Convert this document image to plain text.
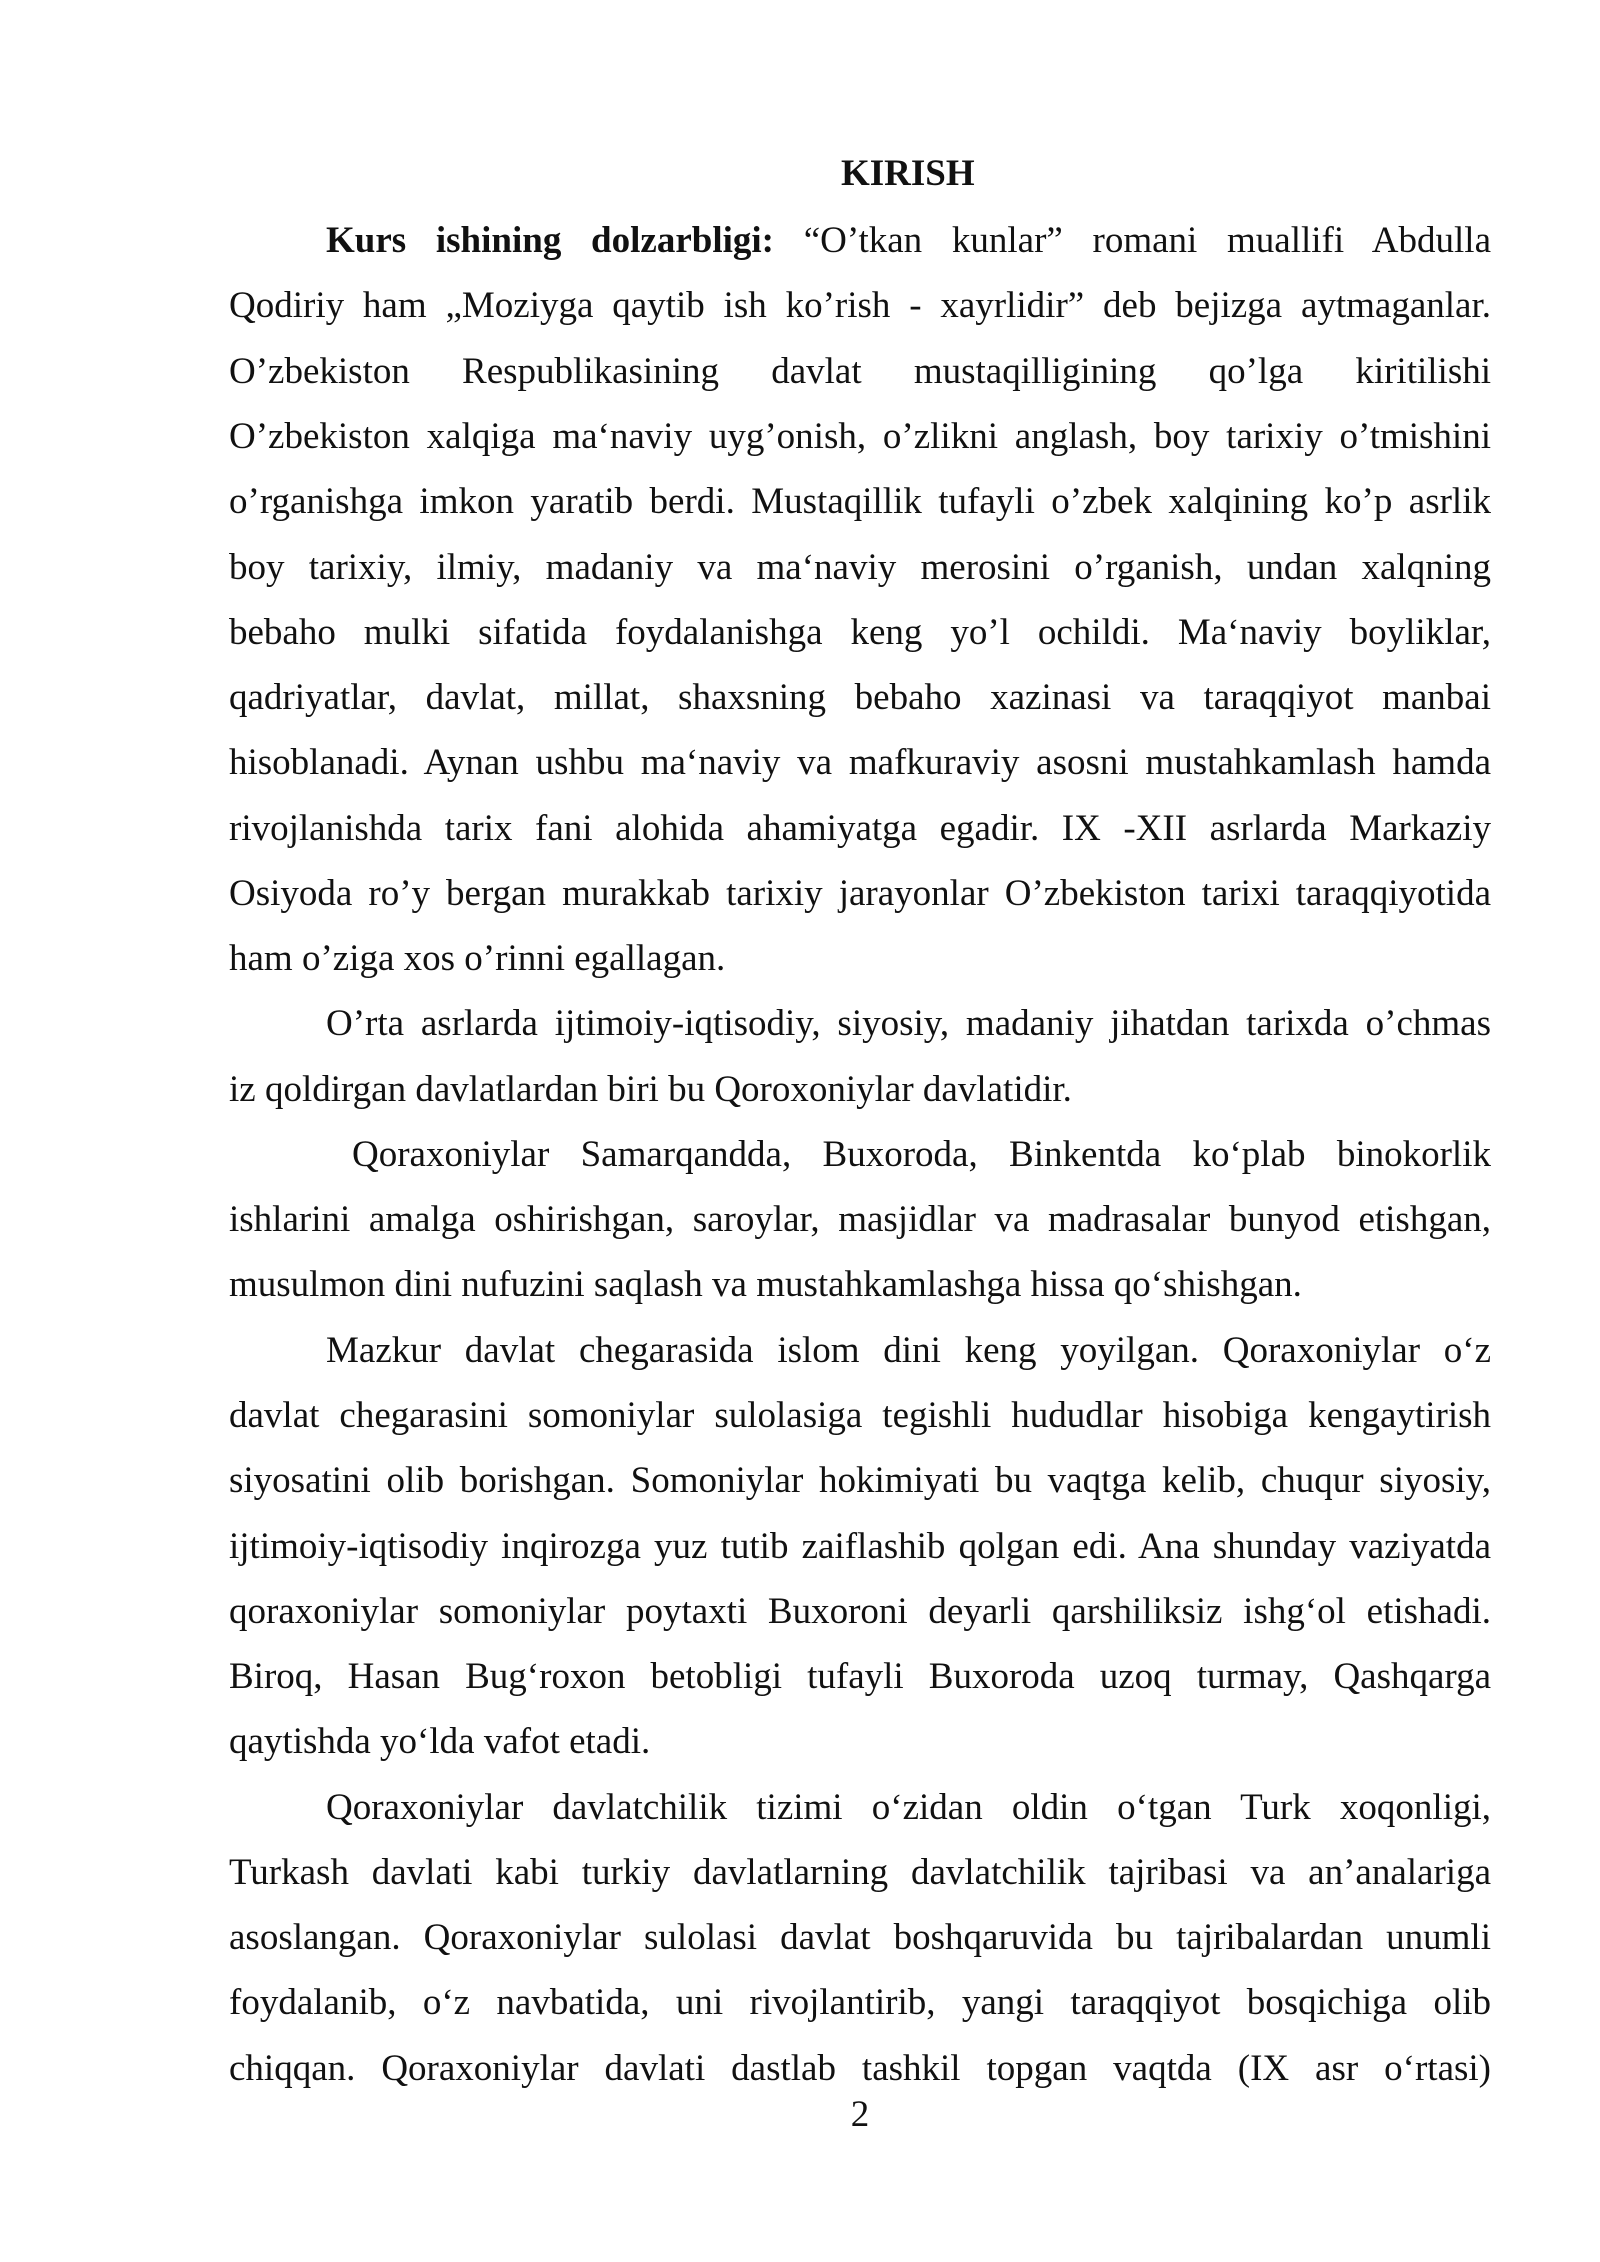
KIRISH
Kurs ishining dolzarbligi: “O’tkan kunlar” romani muallifi Abdulla
Qodiriy ham „Moziyga qaytib ish ko’rish - xayrlidir” deb bejizga aytmaganlar.
O’zbekiston Respublikasining davlat mustaqilligining qo’lga kiritilishi
O’zbekiston xalqiga ma‘naviy uyg’onish, o’zlikni anglash, boy tarixiy o’tmishini
o’rganishga imkon yaratib berdi. Mustaqillik tufayli o’zbek xalqining ko’p asrlik
boy tarixiy, ilmiy, madaniy va ma‘naviy merosini o’rganish, undan xalqning
bebaho mulki sifatida foydalanishga keng yo’l ochildi. Ma‘naviy boyliklar,
qadriyatlar, davlat, millat, shaxsning bebaho xazinasi va taraqqiyot manbai
hisoblanadi. Aynan ushbu ma‘naviy va mafkuraviy asosni mustahkamlash hamda
rivojlanishda tarix fani alohida ahamiyatga egadir. IX -XII asrlarda Markaziy
Osiyoda ro’y bergan murakkab tarixiy jarayonlar O’zbekiston tarixi taraqqiyotida
ham o’ziga xos o’rinni egallagan.
O’rta asrlarda ijtimoiy-iqtisodiy, siyosiy, madaniy jihatdan tarixda o’chmas
iz qoldirgan davlatlardan biri bu Qoroxoniylar davlatidir.
Qoraxoniylar Samarqandda, Buxoroda, Binkentda ko‘plab binokorlik
ishlarini amalga oshirishgan, saroylar, masjidlar va madrasalar bunyod etishgan,
musulmon dini nufuzini saqlash va mustahkamlashga hissa qo‘shishgan.
Mazkur davlat chegarasida islom dini keng yoyilgan. Qoraxoniylar o‘z
davlat chegarasini somoniylar sulolasiga tegishli hududlar hisobiga kengaytirish
siyosatini olib borishgan. Somoniylar hokimiyati bu vaqtga kelib, chuqur siyosiy,
ijtimoiy-iqtisodiy inqirozga yuz tutib zaiflashib qolgan edi. Ana shunday vaziyatda
qoraxoniylar somoniylar poytaxti Buxoroni deyarli qarshiliksiz ishg‘ol etishadi.
Biroq, Hasan Bug‘roxon betobligi tufayli Buxoroda uzoq turmay, Qashqarga
qaytishda yo‘lda vafot etadi.
Qoraxoniylar davlatchilik tizimi o‘zidan oldin o‘tgan Turk xoqonligi,
Turkash davlati kabi turkiy davlatlarning davlatchilik tajribasi va an’analariga
asoslangan. Qoraxoniylar sulolasi davlat boshqaruvida bu tajribalardan unumli
foydalanib, o‘z navbatida, uni rivojlantirib, yangi taraqqiyot bosqichiga olib
chiqqan. Qoraxoniylar davlati dastlab tashkil topgan vaqtda (IX asr o‘rtasi)
2
